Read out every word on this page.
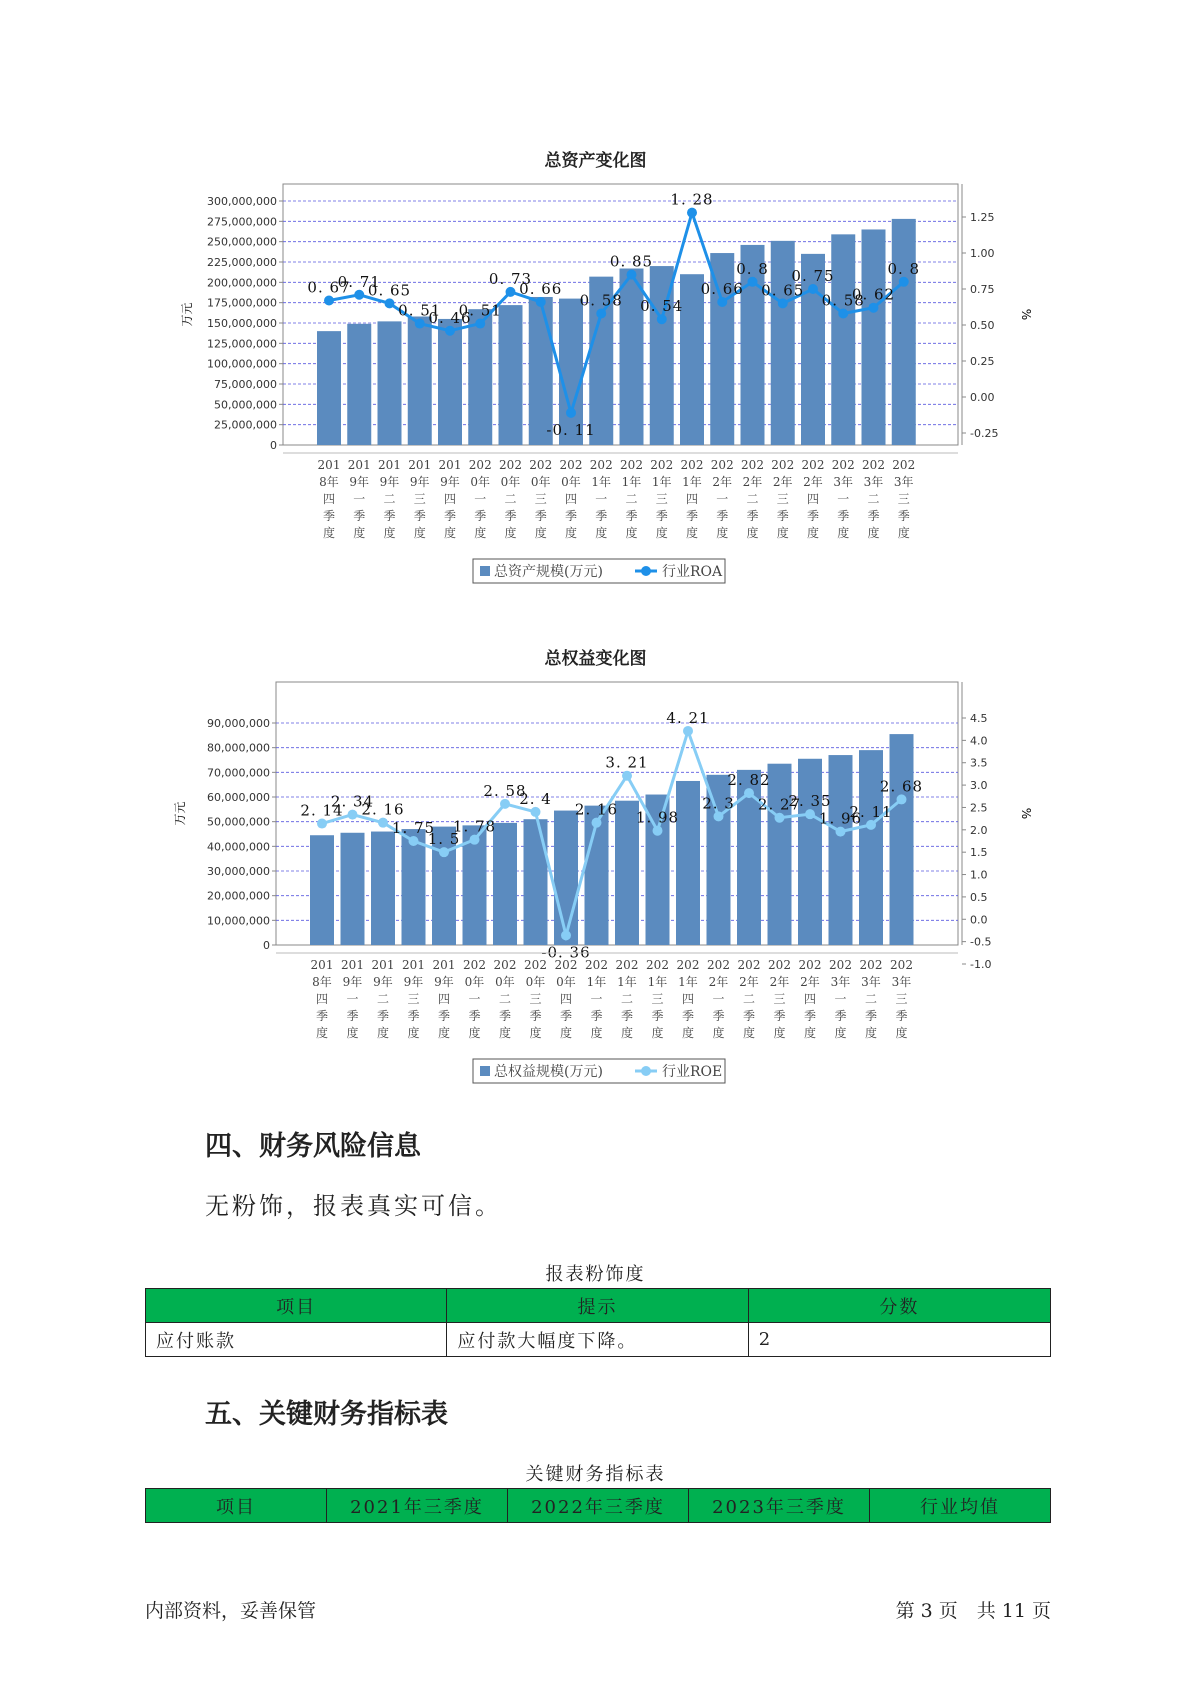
总资产变化图
0
25,000,000
50,000,000
75,000,000
100,000,000
125,000,000
150,000,000
175,000,000
200,000,000
225,000,000
250,000,000
275,000,000
300,000,000
-0.25
0.00
0.25
0.50
0.75
1.00
1.25
万元	%
0. 67
0. 71
0. 65
0. 51
0. 46
0. 51
0. 73
0. 66
-0. 11
0. 58
0. 85
0. 54
1. 28
0. 66
0. 8
0. 65
0. 75
0. 58
0. 62
0. 8
201 8年四季度
201 9年一季度
201 9年二季度
201 9年三季度
201 9年四季度
202 0年一季度
202 0年二季度
202 0年三季度
202 0年四季度
202 1年一季度
202 1年二季度
202 1年三季度
202 1年四季度
202 2年一季度
202 2年二季度
202 2年三季度
202 2年四季度
202 3年一季度
202 3年二季度
202 3年三季度
总资产规模(万元)	行业ROA
总权益变化图
0
10,000,000
20,000,000
30,000,000
40,000,000
50,000,000
60,000,000
70,000,000
80,000,000
90,000,000
-1.0
-0.5
0.0
0.5
1.0
1.5
2.0
2.5
3.0
3.5
4.0
4.5
万元	%
2. 14
2. 34
2. 16
1. 75
1. 5
1. 78
2. 58
2. 4
-0. 36
2. 16
3. 21
1. 98
4. 21
2. 3
2. 82
2. 27
2. 35
1. 96
2. 11
2. 68
201 8年四季度
201 9年一季度
201 9年二季度
201 9年三季度
201 9年四季度
202 0年一季度
202 0年二季度
202 0年三季度
202 0年四季度
202 1年一季度
202 1年二季度
202 1年三季度
202 1年四季度
202 2年一季度
202 2年二季度
202 2年三季度
202 2年四季度
202 3年一季度
202 3年二季度
202 3年三季度
总权益规模(万元)	行业ROE
四、财务风险信息
无粉饰，报表真实可信。
报表粉饰度
项目	提示	分数
应付账款	应付款大幅度下降。	2
五、关键财务指标表
关键财务指标表
项目	2021年三季度	2022年三季度	2023年三季度	行业均值
内部资料，妥善保管	第 3 页　共 11 页
